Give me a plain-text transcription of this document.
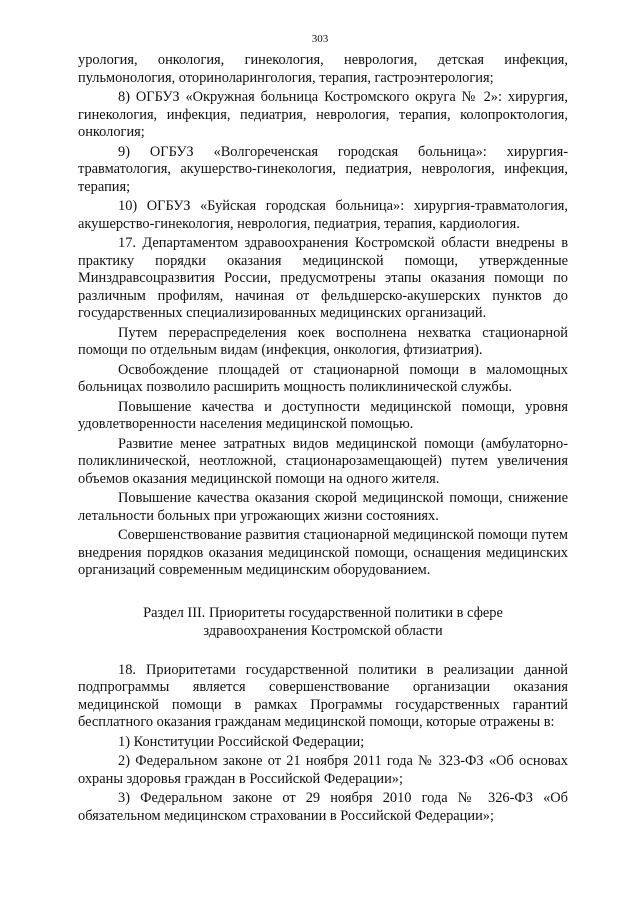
303

урология, онкология, гинекология, неврология, детская инфекция, пульмонология, оториноларингология, терапия, гастроэнтерология;

8) ОГБУЗ «Окружная больница Костромского округа № 2»: хирургия, гинекология, инфекция, педиатрия, неврология, терапия, колопроктология, онкология;

9) ОГБУЗ «Волгореченская городская больница»: хирургия-травматология, акушерство-гинекология, педиатрия, неврология, инфекция, терапия;

10) ОГБУЗ «Буйская городская больница»: хирургия-травматология, акушерство-гинекология, неврология, педиатрия, терапия, кардиология.

17. Департаментом здравоохранения Костромской области внедрены в практику порядки оказания медицинской помощи, утвержденные Минздравсоцразвития России, предусмотрены этапы оказания помощи по различным профилям, начиная от фельдшерско-акушерских пунктов до государственных специализированных медицинских организаций.

Путем перераспределения коек восполнена нехватка стационарной помощи по отдельным видам (инфекция, онкология, фтизиатрия).

Освобождение площадей от стационарной помощи в маломощных больницах позволило расширить мощность поликлинической службы.

Повышение качества и доступности медицинской помощи, уровня удовлетворенности населения медицинской помощью.

Развитие менее затратных видов медицинской помощи (амбулаторно-поликлинической, неотложной, стационарозамещающей) путем увеличения объемов оказания медицинской помощи на одного жителя.

Повышение качества оказания скорой медицинской помощи, снижение летальности больных при угрожающих жизни состояниях.

Совершенствование развития стационарной медицинской помощи путем внедрения порядков оказания медицинской помощи, оснащения медицинских организаций современным медицинским оборудованием.

Раздел III. Приоритеты государственной политики в сфере
здравоохранения Костромской области

18. Приоритетами государственной политики в реализации данной подпрограммы является совершенствование организации оказания медицинской помощи в рамках Программы государственных гарантий бесплатного оказания гражданам медицинской помощи, которые отражены в:

1) Конституции Российской Федерации;

2) Федеральном законе от 21 ноября 2011 года № 323-ФЗ «Об основах охраны здоровья граждан в Российской Федерации»;

3) Федеральном законе от 29 ноября 2010 года № 326-ФЗ «Об обязательном медицинском страховании в Российской Федерации»;
